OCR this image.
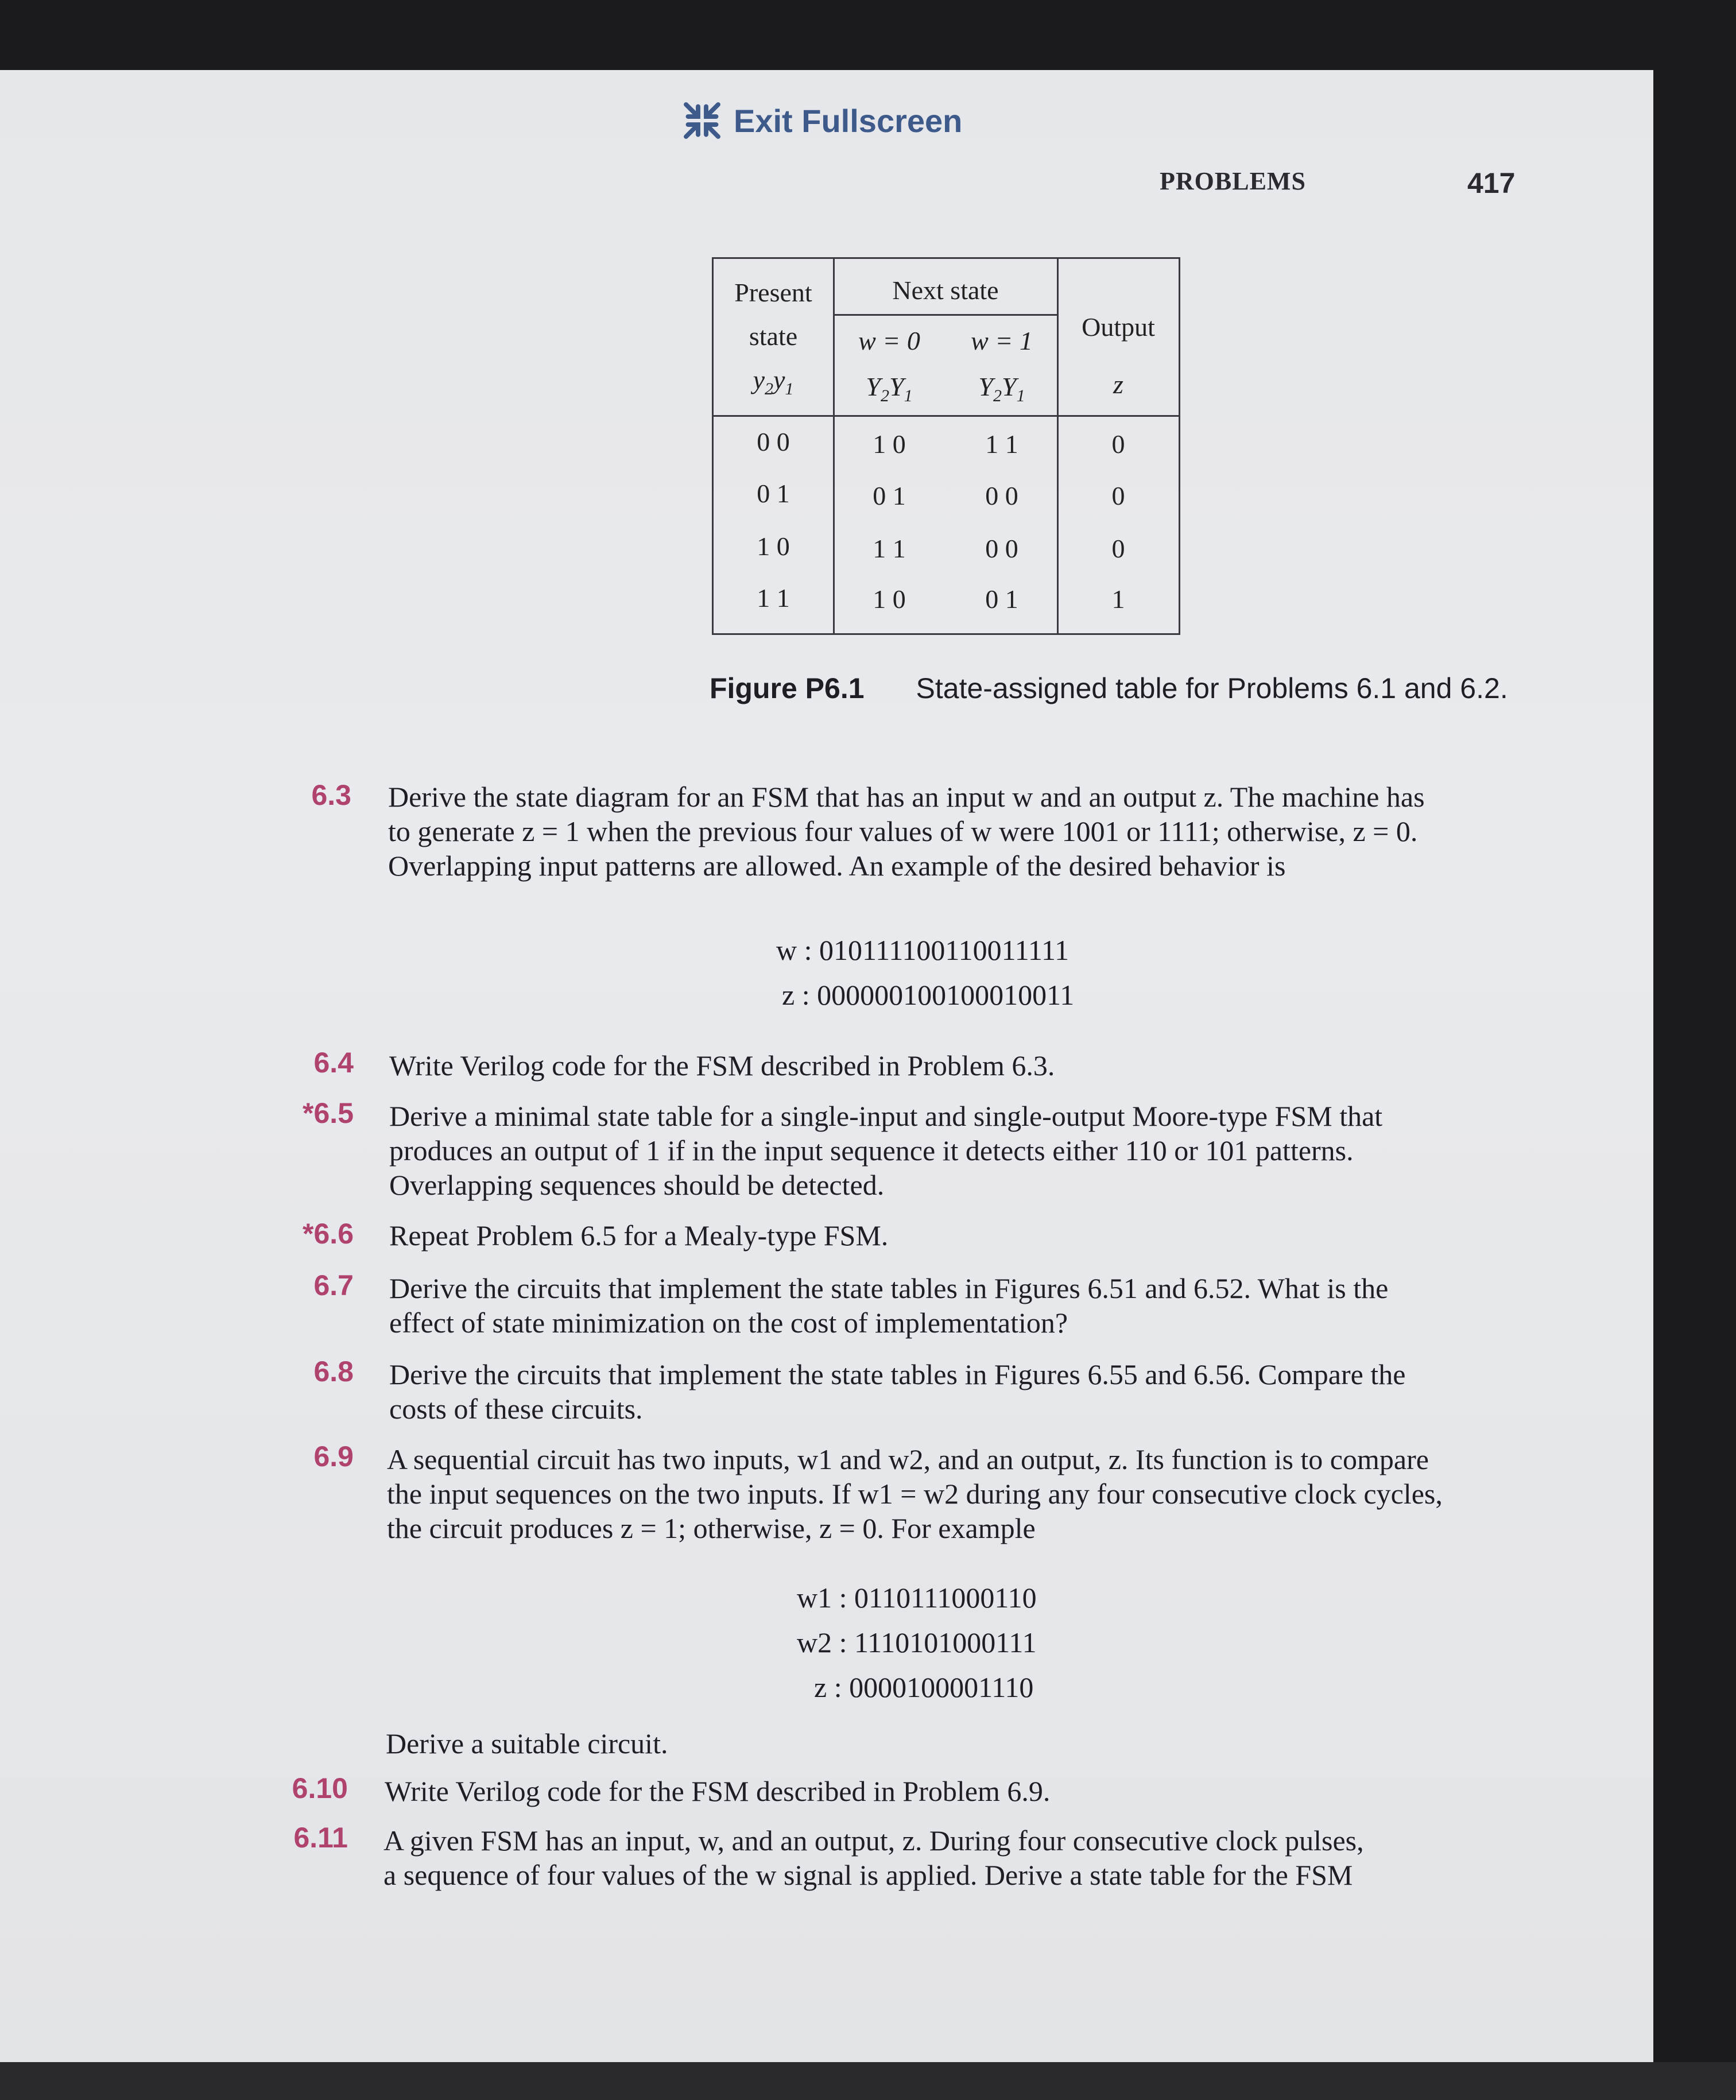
Exit Fullscreen
PROBLEMS	417
Present
state
$y_2y_1$
Next state
w = 0	w = 1
$Y_2Y_1$	$Y_2Y_1$
Output
z
0 0	1 0	1 1	0
0 1	0 1	0 0	0
1 0	1 1	0 0	0
1 1	1 0	0 1	1
Figure P6.1 State-assigned table for Problems 6.1 and 6.2.
6.3 Derive the state diagram for an FSM that has an input w and an output z. The machine has
to generate z = 1 when the previous four values of w were 1001 or 1111; otherwise, z = 0.
Overlapping input patterns are allowed. An example of the desired behavior is
w : 010111100110011111
z : 000000100100010011
6.4 Write Verilog code for the FSM described in Problem 6.3.
*6.5 Derive a minimal state table for a single-input and single-output Moore-type FSM that
produces an output of 1 if in the input sequence it detects either 110 or 101 patterns.
Overlapping sequences should be detected.
*6.6 Repeat Problem 6.5 for a Mealy-type FSM.
6.7 Derive the circuits that implement the state tables in Figures 6.51 and 6.52. What is the
effect of state minimization on the cost of implementation?
6.8 Derive the circuits that implement the state tables in Figures 6.55 and 6.56. Compare the
costs of these circuits.
6.9 A sequential circuit has two inputs, w1 and w2, and an output, z. Its function is to compare
the input sequences on the two inputs. If w1 = w2 during any four consecutive clock cycles,
the circuit produces z = 1; otherwise, z = 0. For example
w1 : 0110111000110
w2 : 1110101000111
z : 0000100001110
Derive a suitable circuit.
6.10 Write Verilog code for the FSM described in Problem 6.9.
6.11 A given FSM has an input, w, and an output, z. During four consecutive clock pulses,
a sequence of four values of the w signal is applied. Derive a state table for the FSM
